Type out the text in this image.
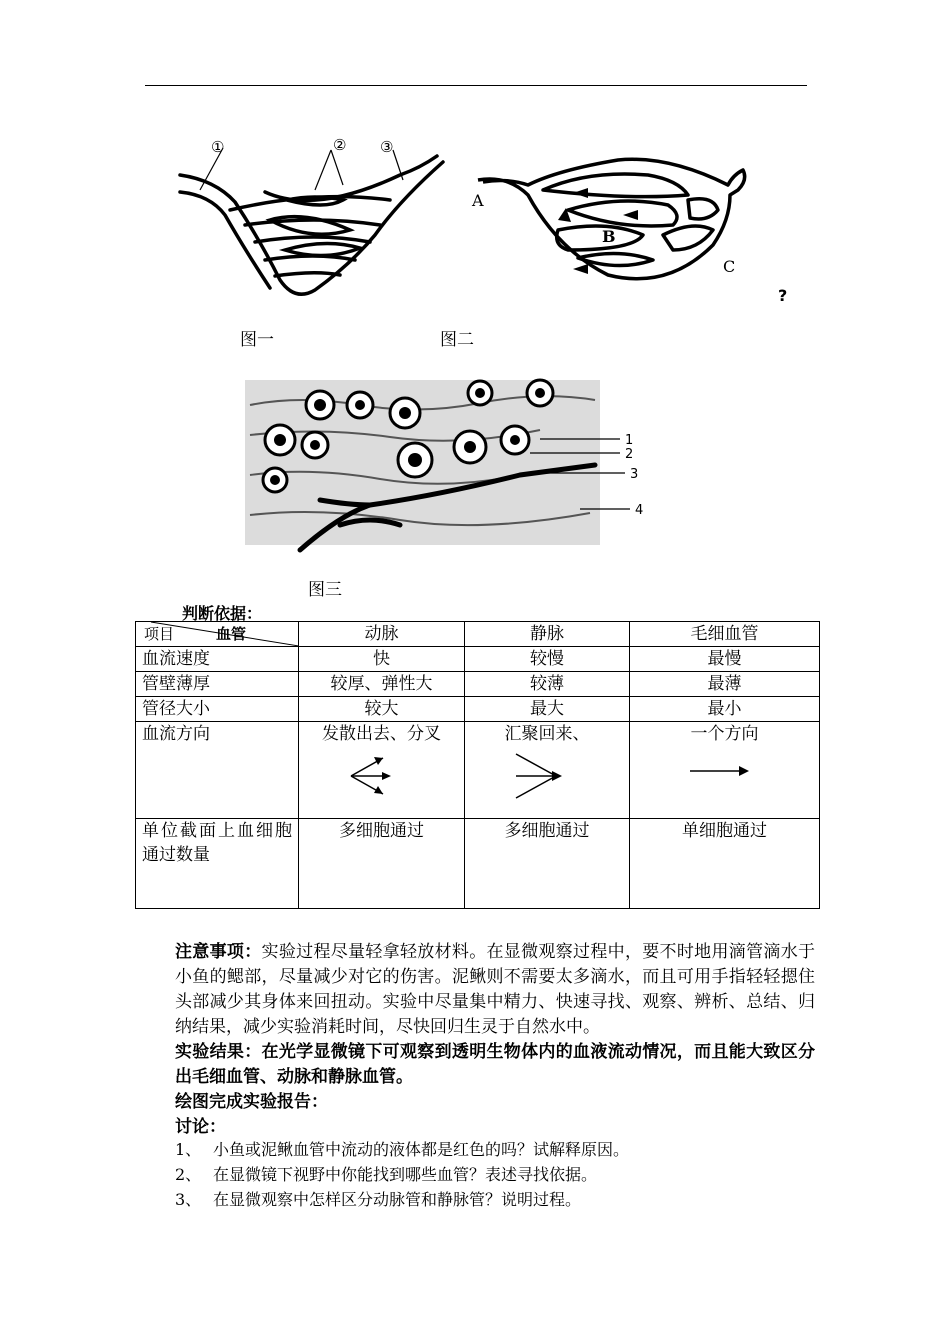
①	② ③
A
B
C
?
图一	图二
1
2
3
4
图三
判断依据：
项目 血管	动脉	静脉	毛细血管
血流速度	快	较慢	最慢
管壁薄厚	较厚、弹性大	较薄	最薄
管径大小	较大	最大	最小
血流方向	发散出去、分叉	汇聚回来、	一个方向

单位截面上血细胞通过数量	多细胞通过	多细胞通过	单细胞通过

注意事项：实验过程尽量轻拿轻放材料。在显微观察过程中，要不时地用滴管滴水于小鱼的鳃部，尽量减少对它的伤害。泥鳅则不需要太多滴水，而且可用手指轻轻摁住头部减少其身体来回扭动。实验中尽量集中精力、快速寻找、观察、辨析、总结、归纳结果，减少实验消耗时间，尽快回归生灵于自然水中。

实验结果：在光学显微镜下可观察到透明生物体内的血液流动情况，而且能大致区分出毛细血管、动脉和静脉血管。

绘图完成实验报告：

讨论：

1、 小鱼或泥鳅血管中流动的液体都是红色的吗？试解释原因。
2、 在显微镜下视野中你能找到哪些血管？表述寻找依据。
3、 在显微观察中怎样区分动脉管和静脉管？说明过程。
